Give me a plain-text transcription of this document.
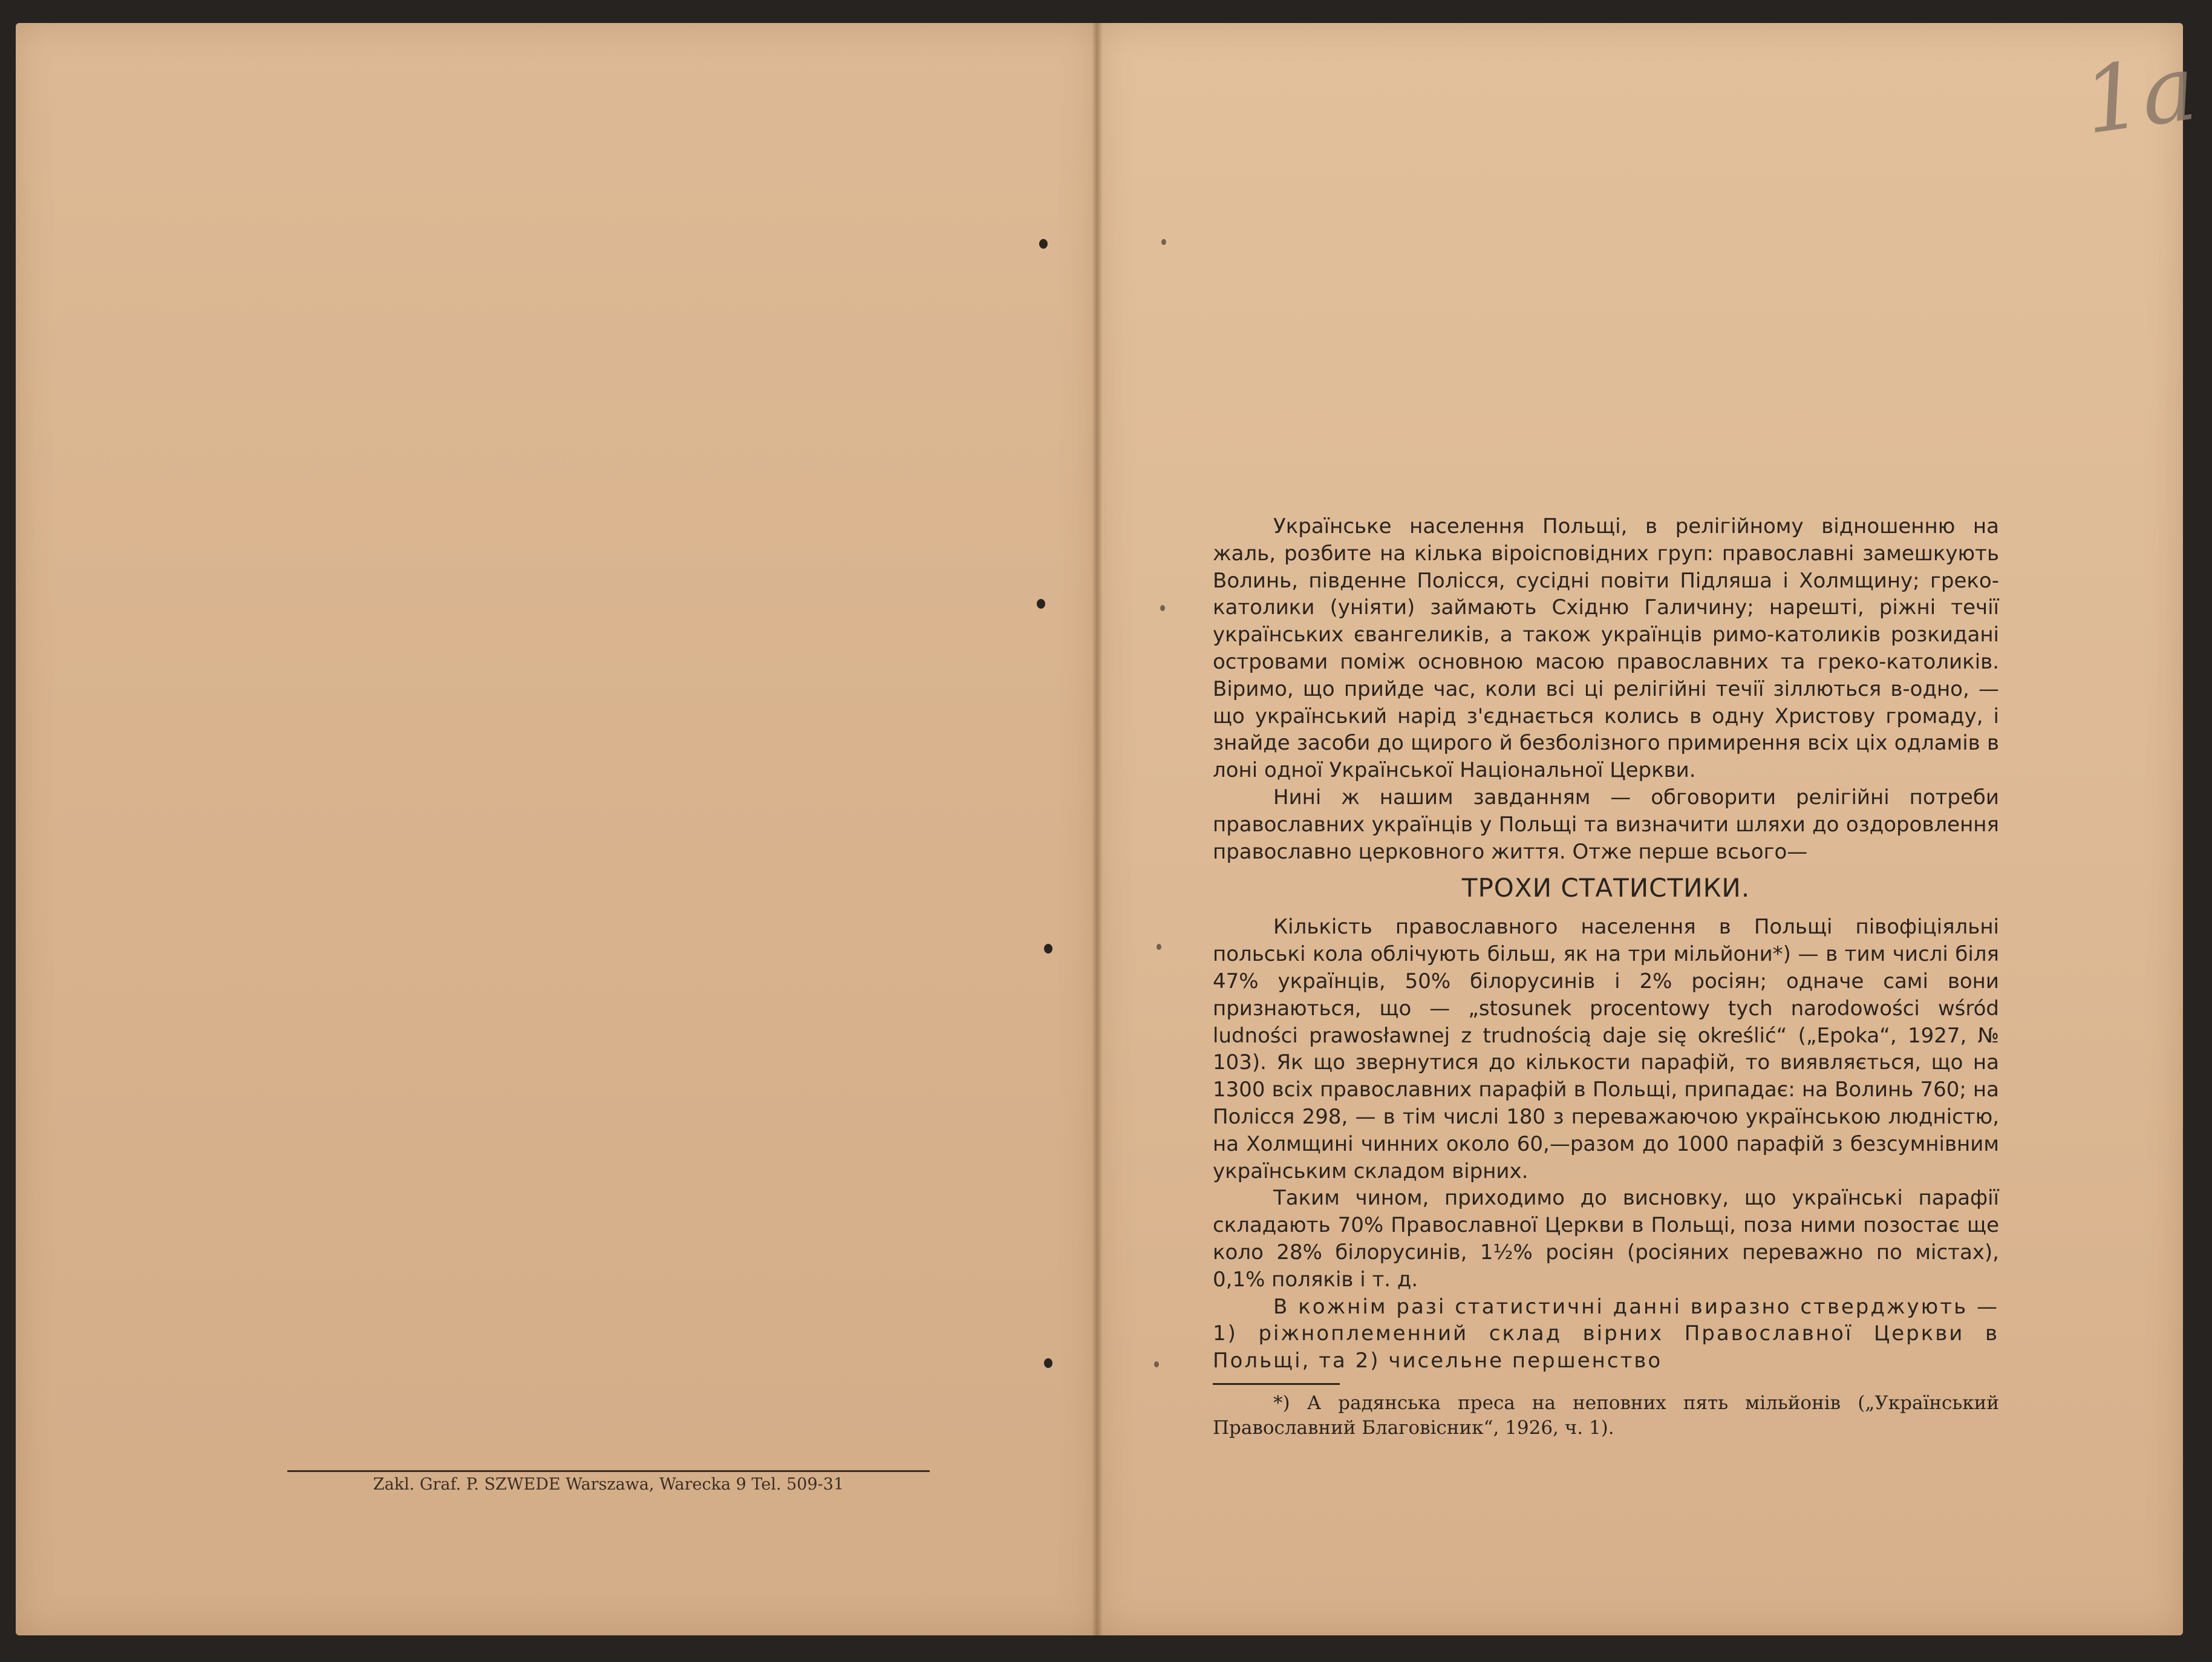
Zakl. Graf. P. SZWEDE Warszawa, Warecka 9 Tel. 509-31
1a

Українське населення Польщі, в релігійному відношенню на жаль, розбите на кілька віроісповідних груп: православні замешкують Волинь, південне Полісся, сусідні повіти Підляша і Холмщину; греко-католики (уніяти) займають Східню Галичину; нарешті, ріжні течії українських євангеликів, а також українців римо-католиків розкидані островами поміж основною масою православних та греко-католиків. Віримо, що прийде час, коли всі ці релігійні течії зіллються в-одно, — що український нарід з'єднається колись в одну Христову громаду, і знайде засоби до щирого й безболізного примирення всіх ціх одламів в лоні одної Української Національної Церкви.

Нині ж нашим завданням — обговорити релігійні потреби православних українців у Польщі та визначити шляхи до оздоровлення православно церковного життя. Отже перше всього—

ТРОХИ СТАТИСТИКИ.

Кількість православного населення в Польщі півофіціяльні польські кола облічують більш, як на три мільйони*) — в тим числі біля 47% українців, 50% білорусинів і 2% росіян; одначе самі вони признаються, що — „stosunek procentowy tych narodowości wśród ludności prawosławnej z trudnością daje się określić“ („Epoka“, 1927, № 103). Як що звернутися до кількости парафій, то виявляється, що на 1300 всіх православних парафій в Польщі, припадає: на Волинь 760; на Полісся 298, — в тім числі 180 з переважаючою українською людністю, на Холмщині чинних около 60,—разом до 1000 парафій з безсумнівним українським складом вірних.

Таким чином, приходимо до висновку, що українські парафії складають 70% Православної Церкви в Польщі, поза ними позостає ще коло 28% білорусинів, 1½% росіян (росіяних переважно по містах), 0,1% поляків і т. д.

В кожнім разі статистичні данні виразно стверджують — 1) ріжноплеменний склад вірних Православної Церкви в Польщі, та 2) чисельне першенство

*) А радянська преса на неповних пять мільйонів („Український Православний Благовісник“, 1926, ч. 1).
